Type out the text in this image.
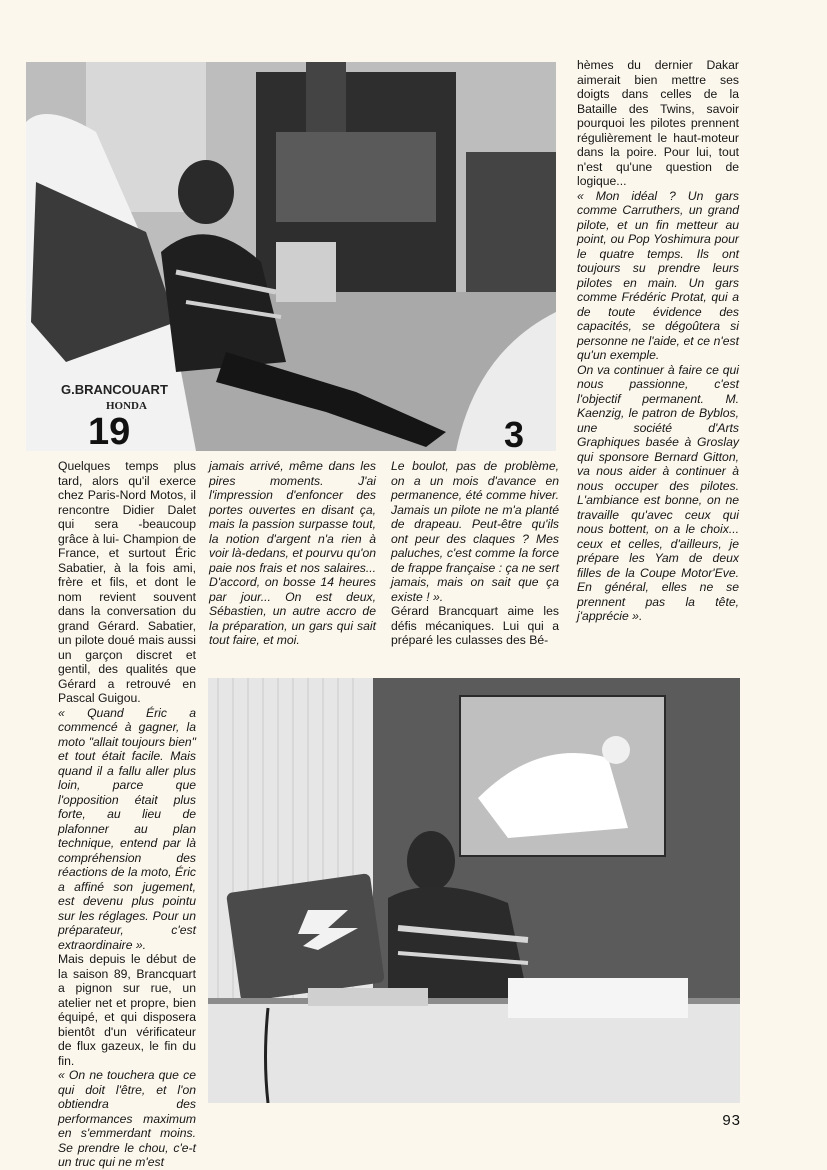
G.BRANCOUART
HONDA
19	3

hèmes du dernier Dakar aimerait bien mettre ses doigts dans celles de la Bataille des Twins, savoir pourquoi les pilotes prennent régulièrement le haut-moteur dans la poire. Pour lui, tout n'est qu'une question de logique...

« Mon idéal ? Un gars comme Carruthers, un grand pilote, et un fin metteur au point, ou Pop Yoshimura pour le quatre temps. Ils ont toujours su prendre leurs pilotes en main. Un gars comme Frédéric Protat, qui a de toute évidence des capacités, se dégoûtera si personne ne l'aide, et ce n'est qu'un exemple.

On va continuer à faire ce qui nous passionne, c'est l'objectif permanent. M. Kaenzig, le patron de Byblos, une société d'Arts Graphiques basée à Groslay qui sponsore Bernard Gitton, va nous aider à continuer à nous occuper des pilotes. L'ambiance est bonne, on ne travaille qu'avec ceux qui nous bottent, on a le choix... ceux et celles, d'ailleurs, je prépare les Yam de deux filles de la Coupe Motor'Eve. En général, elles ne se prennent pas la tête, j'apprécie ».

Quelques temps plus tard, alors qu'il exerce chez Paris-Nord Motos, il rencontre Didier Dalet qui sera -beaucoup grâce à lui- Champion de France, et surtout Éric Sabatier, à la fois ami, frère et fils, et dont le nom revient souvent dans la conversation du grand Gérard. Sabatier, un pilote doué mais aussi un garçon discret et gentil, des qualités que Gérard a retrouvé en Pascal Guigou.

« Quand Éric a commencé à gagner, la moto "allait toujours bien" et tout était facile. Mais quand il a fallu aller plus loin, parce que l'opposition était plus forte, au lieu de plafonner au plan technique, entend par là compréhension des réactions de la moto, Éric a affiné son jugement, est devenu plus pointu sur les réglages. Pour un préparateur, c'est extraordinaire ».

Mais depuis le début de la saison 89, Brancquart a pignon sur rue, un atelier net et propre, bien équipé, et qui disposera bientôt d'un vérificateur de flux gazeux, le fin du fin.

« On ne touchera que ce qui doit l'être, et l'on obtiendra des performances maximum en s'emmerdant moins. Se prendre le chou, c'e-t un truc qui ne m'est

jamais arrivé, même dans les pires moments. J'ai l'impression d'enfoncer des portes ouvertes en disant ça, mais la passion surpasse tout, la notion d'argent n'a rien à voir là-dedans, et pourvu qu'on paie nos frais et nos salaires... D'accord, on bosse 14 heures par jour... On est deux, Sébastien, un autre accro de la préparation, un gars qui sait tout faire, et moi.

Le boulot, pas de problème, on a un mois d'avance en permanence, été comme hiver. Jamais un pilote ne m'a planté de drapeau. Peut-être qu'ils ont peur des claques ? Mes paluches, c'est comme la force de frappe française : ça ne sert jamais, mais on sait que ça existe ! ».

Gérard Brancquart aime les défis mécaniques. Lui qui a préparé les culasses des Bé-

93
